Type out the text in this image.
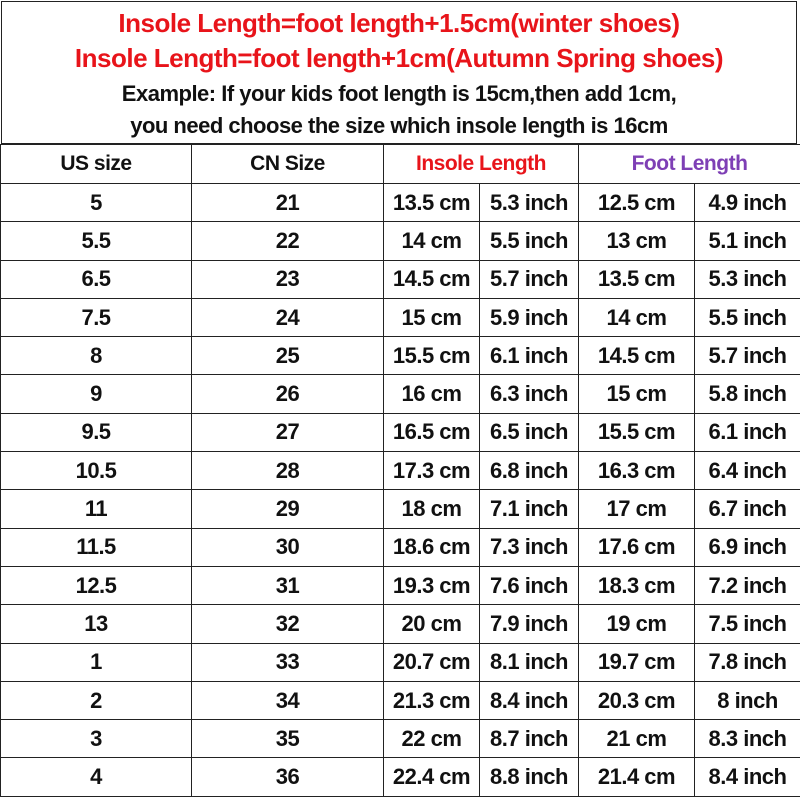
Insole Length=foot length+1.5cm(winter shoes)
Insole Length=foot length+1cm(Autumn Spring shoes)
Example: If your kids foot length is 15cm,then add 1cm,
you need choose the size which insole length is 16cm
US size	CN Size	Insole Length		Foot Length	
5	21	13.5 cm	5.3 inch	12.5 cm	4.9 inch
5.5	22	14 cm	5.5 inch	13 cm	5.1 inch
6.5	23	14.5 cm	5.7 inch	13.5 cm	5.3 inch
7.5	24	15 cm	5.9 inch	14 cm	5.5 inch
8	25	15.5 cm	6.1 inch	14.5 cm	5.7 inch
9	26	16 cm	6.3 inch	15 cm	5.8 inch
9.5	27	16.5 cm	6.5 inch	15.5 cm	6.1 inch
10.5	28	17.3 cm	6.8 inch	16.3 cm	6.4 inch
11	29	18 cm	7.1 inch	17 cm	6.7 inch
11.5	30	18.6 cm	7.3 inch	17.6 cm	6.9 inch
12.5	31	19.3 cm	7.6 inch	18.3 cm	7.2 inch
13	32	20 cm	7.9 inch	19 cm	7.5 inch
1	33	20.7 cm	8.1 inch	19.7 cm	7.8 inch
2	34	21.3 cm	8.4 inch	20.3 cm	8 inch
3	35	22 cm	8.7 inch	21 cm	8.3 inch
4	36	22.4 cm	8.8 inch	21.4 cm	8.4 inch
